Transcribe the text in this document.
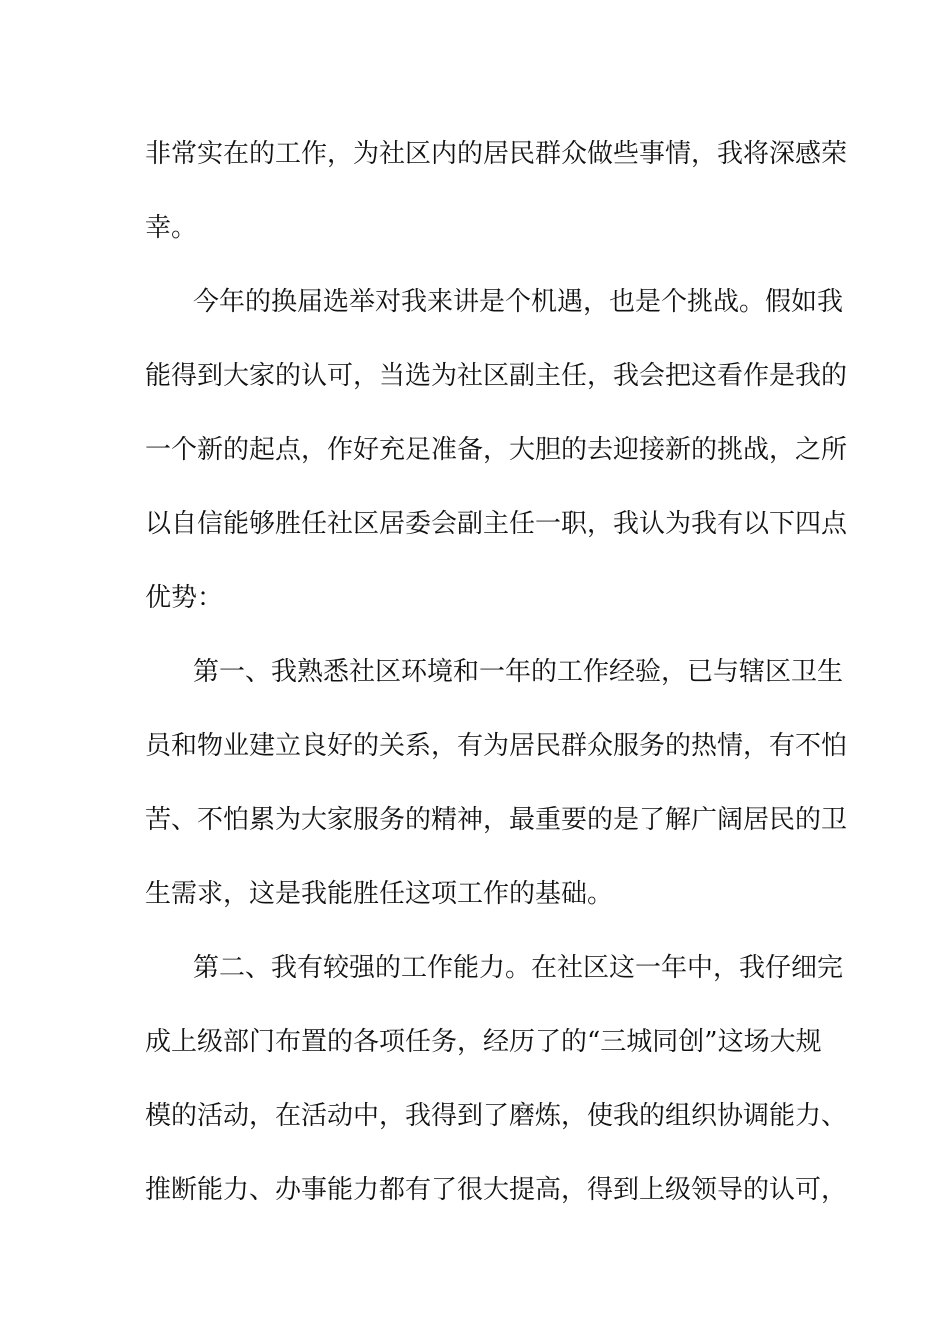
非常实在的工作，为社区内的居民群众做些事情，我将深感荣
幸。
今年的换届选举对我来讲是个机遇，也是个挑战。假如我
能得到大家的认可，当选为社区副主任，我会把这看作是我的
一个新的起点，作好充足准备，大胆的去迎接新的挑战，之所
以自信能够胜任社区居委会副主任一职，我认为我有以下四点
优势：
第一、我熟悉社区环境和一年的工作经验，已与辖区卫生
员和物业建立良好的关系，有为居民群众服务的热情，有不怕
苦、不怕累为大家服务的精神，最重要的是了解广阔居民的卫
生需求，这是我能胜任这项工作的基础。
第二、我有较强的工作能力。在社区这一年中，我仔细完
成上级部门布置的各项任务，经历了的“三城同创”这场大规
模的活动，在活动中，我得到了磨炼，使我的组织协调能力、
推断能力、办事能力都有了很大提高，得到上级领导的认可，
